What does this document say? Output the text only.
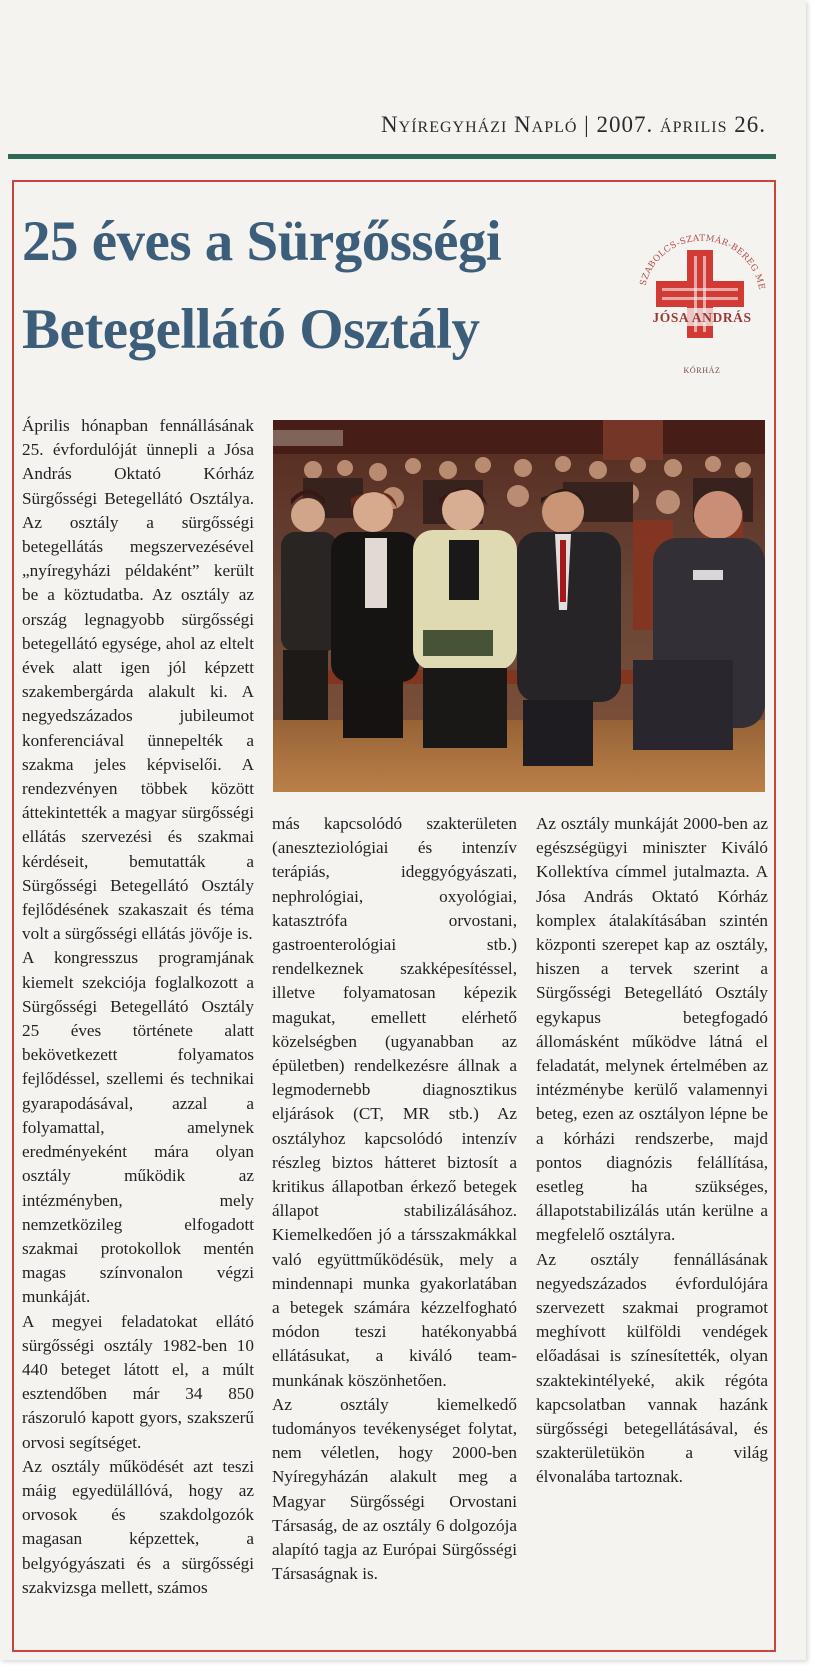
Nyíregyházi Napló | 2007. április 26.
25 éves a Sürgősségi
Betegellátó Osztály
SZABOLCS-SZATMÁR-BEREG ME
JÓSA ANDRÁS
KÓRHÁZ

Április hónapban fennállásának 25. évfordulóját ünnepli a Jósa András Oktató Kórház Sürgősségi Betegellátó Osztálya. Az osztály a sürgősségi betegellátás megszervezésével „nyíregyházi példaként” került be a köztudatba. Az osztály az ország legnagyobb sürgősségi betegellátó egysége, ahol az eltelt évek alatt igen jól képzett szakembergárda alakult ki. A negyedszázados jubileumot konferenciával ünnepelték a szakma jeles képviselői. A rendezvényen többek között áttekintették a magyar sürgősségi ellátás szervezési és szakmai kérdéseit, bemutatták a Sürgősségi Betegellátó Osztály fejlődésének szakaszait és téma volt a sürgősségi ellátás jövője is.

A kongresszus programjának kiemelt szekciója foglalkozott a Sürgősségi Betegellátó Osztály 25 éves története alatt bekövetkezett folyamatos fejlődéssel, szellemi és technikai gyarapodásával, azzal a folyamattal, amelynek eredményeként mára olyan osztály működik az intézményben, mely nemzetközileg elfogadott szakmai protokollok mentén magas színvonalon végzi munkáját.

A megyei feladatokat ellátó sürgősségi osztály 1982-ben 10 440 beteget látott el, a múlt esztendőben már 34 850 rászoruló kapott gyors, szakszerű orvosi segítséget.

Az osztály működését azt teszi máig egyedülállóvá, hogy az orvosok és szakdolgozók magasan képzettek, a belgyógyászati és a sürgősségi szakvizsga mellett, számos

más kapcsolódó szakterületen (aneszteziológiai és intenzív terápiás, ideggyógyászati, nephrológiai, oxyológiai, katasztrófa orvostani, gastroenterológiai stb.) rendelkeznek szakképesítéssel, illetve folyamatosan képezik magukat, emellett elérhető közelségben (ugyanabban az épületben) rendelkezésre állnak a legmodernebb diagnosztikus eljárások (CT, MR stb.) Az osztályhoz kapcsolódó intenzív részleg biztos hátteret biztosít a kritikus állapotban érkező betegek állapot stabilizálásához. Kiemelkedően jó a társszakmákkal való együttműködésük, mely a mindennapi munka gyakorlatában a betegek számára kézzelfogható módon teszi hatékonyabbá ellátásukat, a kiváló team-munkának köszönhetően.

Az osztály kiemelkedő tudományos tevékenységet folytat, nem véletlen, hogy 2000-ben Nyíregyházán alakult meg a Magyar Sürgősségi Orvostani Társaság, de az osztály 6 dolgozója alapító tagja az Európai Sürgősségi Társaságnak is.

Az osztály munkáját 2000-ben az egészségügyi miniszter Kiváló Kollektíva címmel jutalmazta. A Jósa András Oktató Kórház komplex átalakításában szintén központi szerepet kap az osztály, hiszen a tervek szerint a Sürgősségi Betegellátó Osztály egykapus betegfogadó állomásként működve látná el feladatát, melynek értelmében az intézménybe kerülő valamennyi beteg, ezen az osztályon lépne be a kórházi rendszerbe, majd pontos diagnózis felállítása, esetleg ha szükséges, állapotstabilizálás után kerülne a megfelelő osztályra.

Az osztály fennállásának negyedszázados évfordulójára szervezett szakmai programot meghívott külföldi vendégek előadásai is színesítették, olyan szaktekintélyeké, akik régóta kapcsolatban vannak hazánk sürgősségi betegellátásával, és szakterületükön a világ élvonalába tartoznak.
